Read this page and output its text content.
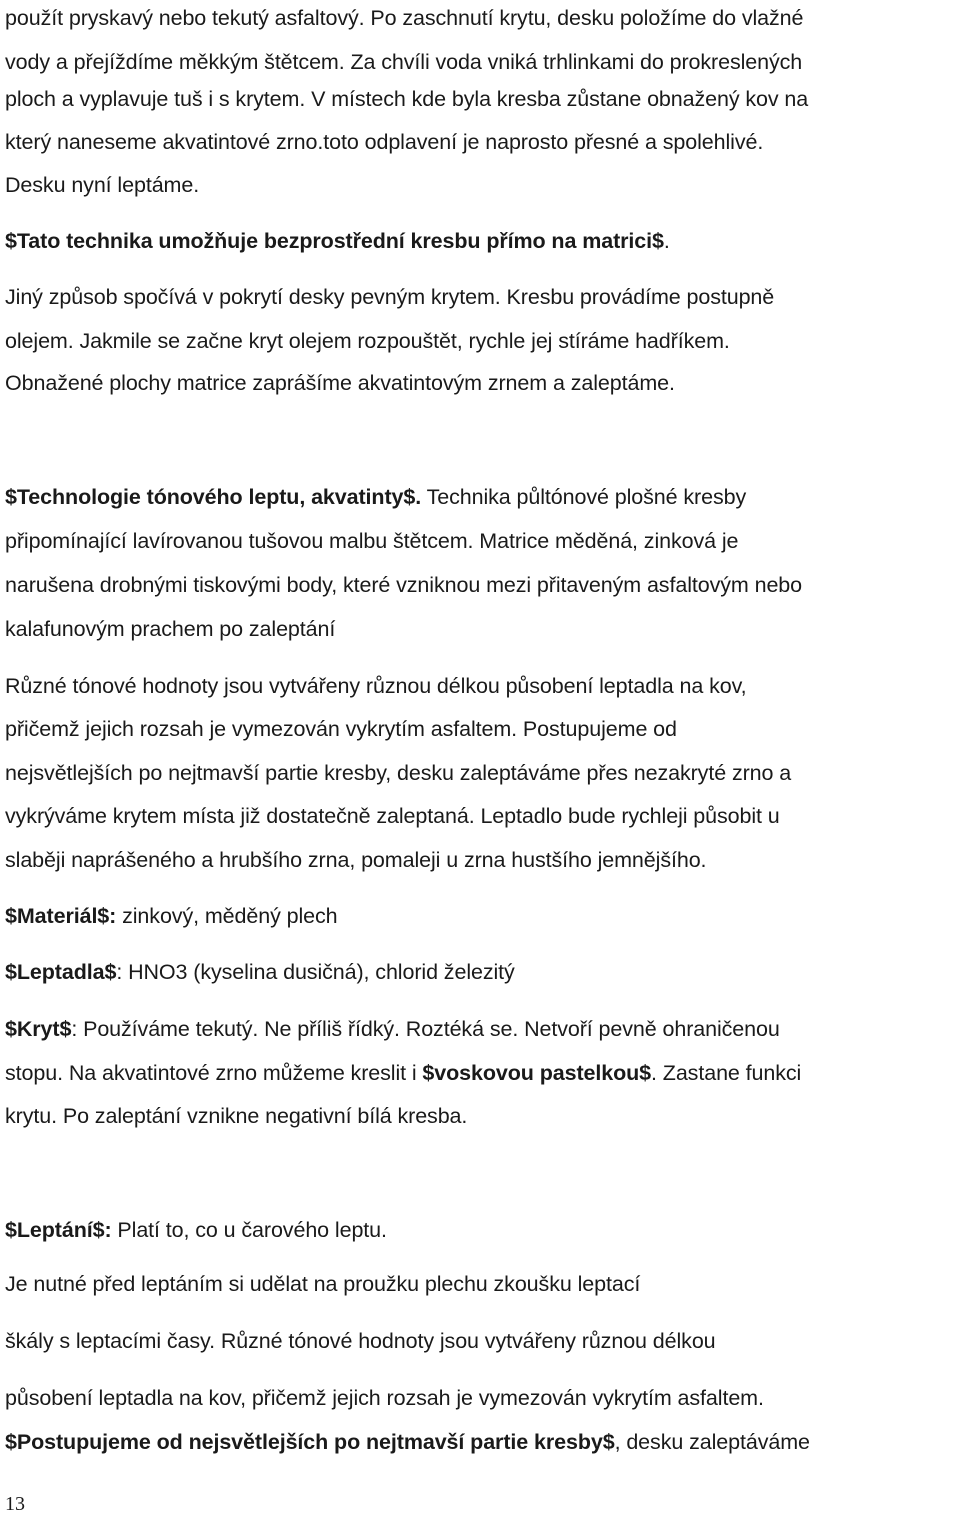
13
použít pryskavý nebo tekutý asfaltový. Po zaschnutí krytu, desku položíme do vlažné
vody a přejíždíme měkkým štětcem. Za chvíli voda vniká trhlinkami do prokreslených
ploch a vyplavuje tuš i s krytem. V místech kde byla kresba zůstane obnažený kov na
který naneseme akvatintové zrno.toto odplavení je naprosto přesné a spolehlivé.
Desku nyní leptáme.
$Tato technika umožňuje bezprostřední kresbu přímo na matrici$.
Jiný způsob spočívá v pokrytí desky pevným krytem. Kresbu provádíme postupně
olejem. Jakmile se začne kryt olejem rozpouštět, rychle jej stíráme hadříkem.
Obnažené plochy matrice zaprášíme akvatintovým zrnem a zaleptáme.
$Technologie tónového leptu, akvatinty$. Technika půltónové plošné kresby
připomínající lavírovanou tušovou malbu štětcem. Matrice měděná, zinková je
narušena drobnými tiskovými body, které vzniknou mezi přitaveným asfaltovým nebo
kalafunovým prachem po zaleptání
Různé tónové hodnoty jsou vytvářeny různou délkou působení leptadla na kov,
přičemž jejich rozsah je vymezován vykrytím asfaltem. Postupujeme od
nejsvětlejších po nejtmavší partie kresby, desku zaleptáváme přes nezakryté zrno a
vykrýváme krytem místa již dostatečně zaleptaná. Leptadlo bude rychleji působit u
slaběji naprášeného a hrubšího zrna, pomaleji u zrna hustšího jemnějšího.
$Materiál$: zinkový, měděný plech
$Leptadla$: HNO3 (kyselina dusičná), chlorid železitý
$Kryt$: Používáme tekutý. Ne příliš řídký. Roztéká se. Netvoří pevně ohraničenou
stopu. Na akvatintové zrno můžeme kreslit i $voskovou pastelkou$. Zastane funkci
krytu. Po zaleptání vznikne negativní bílá kresba.
$Leptání$: Platí to, co u čarového leptu.
Je nutné před leptáním si udělat na proužku plechu zkoušku leptací
škály s leptacími časy. Různé tónové hodnoty jsou vytvářeny různou délkou
působení leptadla na kov, přičemž jejich rozsah je vymezován vykrytím asfaltem.
$Postupujeme od nejsvětlejších po nejtmavší partie kresby$, desku zaleptáváme
